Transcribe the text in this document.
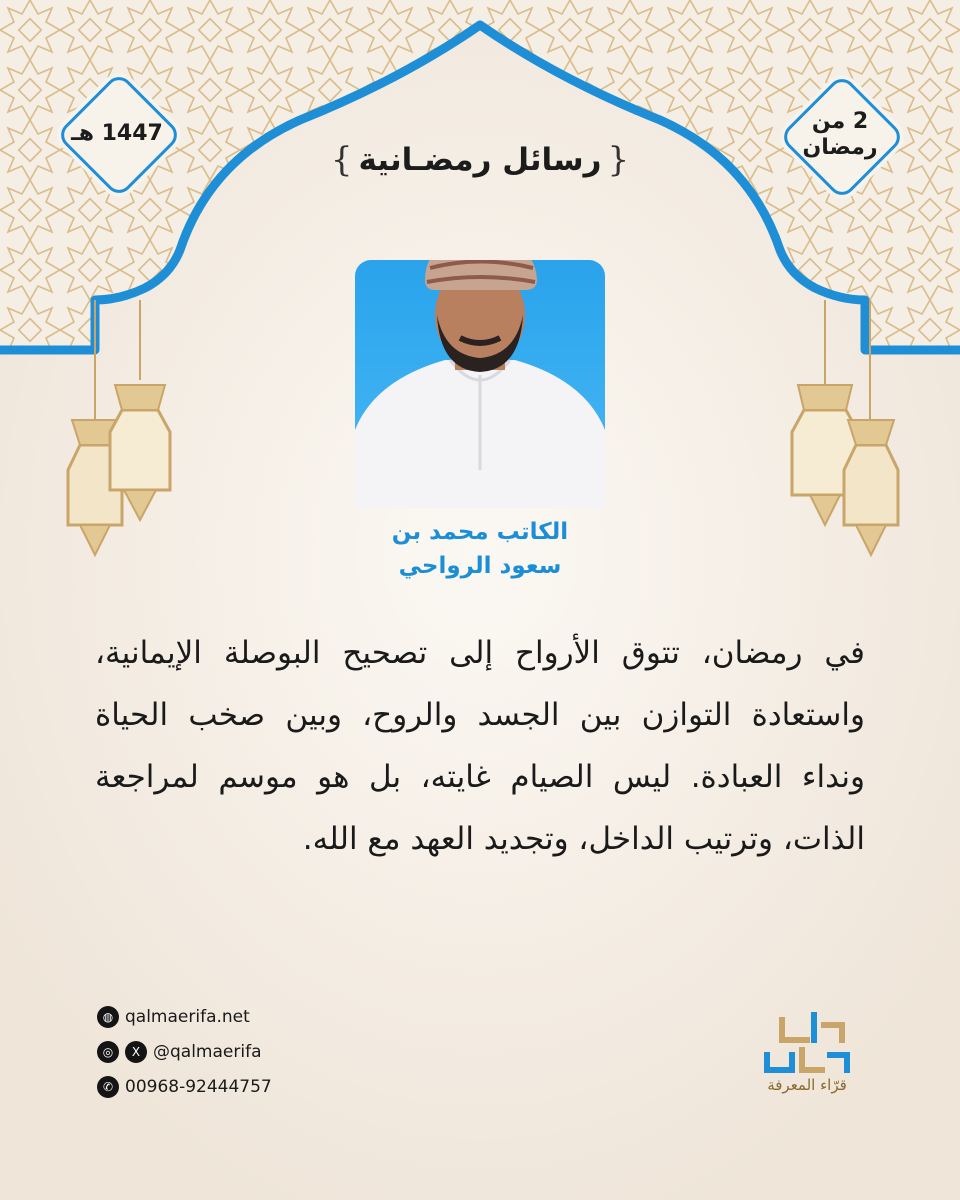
{
رسائل رمضـانية
}
2 من
رمضان
1447 هـ
الكاتب محمد بن
سعود الرواحي
في رمضان، تتوق الأرواح إلى تصحيح البوصلة الإيمانية، واستعادة التوازن بين الجسد والروح، وبين صخب الحياة ونداء العبادة. ليس الصيام غايته، بل هو موسم لمراجعة الذات، وترتيب الداخل، وتجديد العهد مع الله.
◍ qalmaerifa.net
◎	X @qalmaerifa
✆ 00968-92444757	قرّاء المعرفة
